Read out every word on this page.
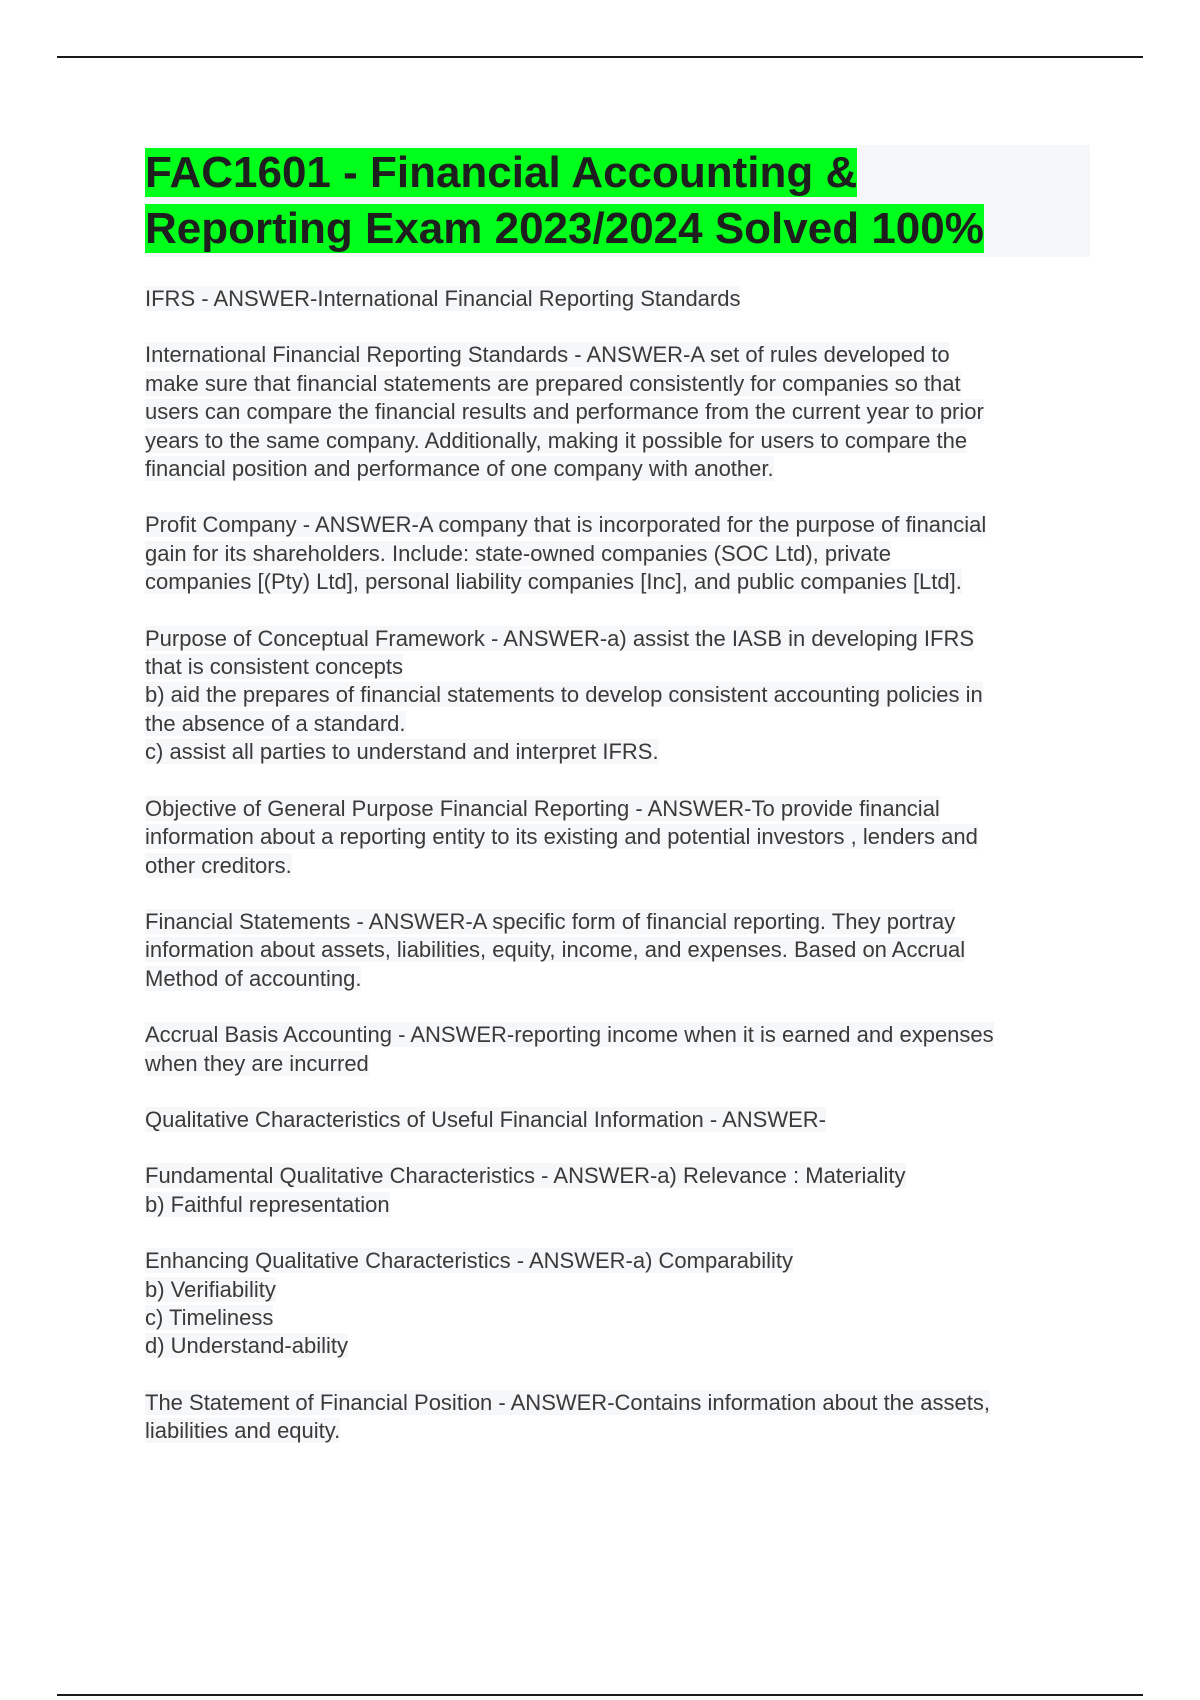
FAC1601 - Financial Accounting &
Reporting Exam 2023/2024 Solved 100%
IFRS - ANSWER-International Financial Reporting Standards
International Financial Reporting Standards - ANSWER-A set of rules developed to
make sure that financial statements are prepared consistently for companies so that
users can compare the financial results and performance from the current year to prior
years to the same company. Additionally, making it possible for users to compare the
financial position and performance of one company with another.
Profit Company - ANSWER-A company that is incorporated for the purpose of financial
gain for its shareholders. Include: state-owned companies (SOC Ltd), private
companies [(Pty) Ltd], personal liability companies [Inc], and public companies [Ltd].
Purpose of Conceptual Framework - ANSWER-a) assist the IASB in developing IFRS
that is consistent concepts
b) aid the prepares of financial statements to develop consistent accounting policies in
the absence of a standard.
c) assist all parties to understand and interpret IFRS.
Objective of General Purpose Financial Reporting - ANSWER-To provide financial
information about a reporting entity to its existing and potential investors , lenders and
other creditors.
Financial Statements - ANSWER-A specific form of financial reporting. They portray
information about assets, liabilities, equity, income, and expenses. Based on Accrual
Method of accounting.
Accrual Basis Accounting - ANSWER-reporting income when it is earned and expenses
when they are incurred
Qualitative Characteristics of Useful Financial Information - ANSWER-
Fundamental Qualitative Characteristics - ANSWER-a) Relevance : Materiality
b) Faithful representation
Enhancing Qualitative Characteristics - ANSWER-a) Comparability
b) Verifiability
c) Timeliness
d) Understand-ability
The Statement of Financial Position - ANSWER-Contains information about the assets,
liabilities and equity.
